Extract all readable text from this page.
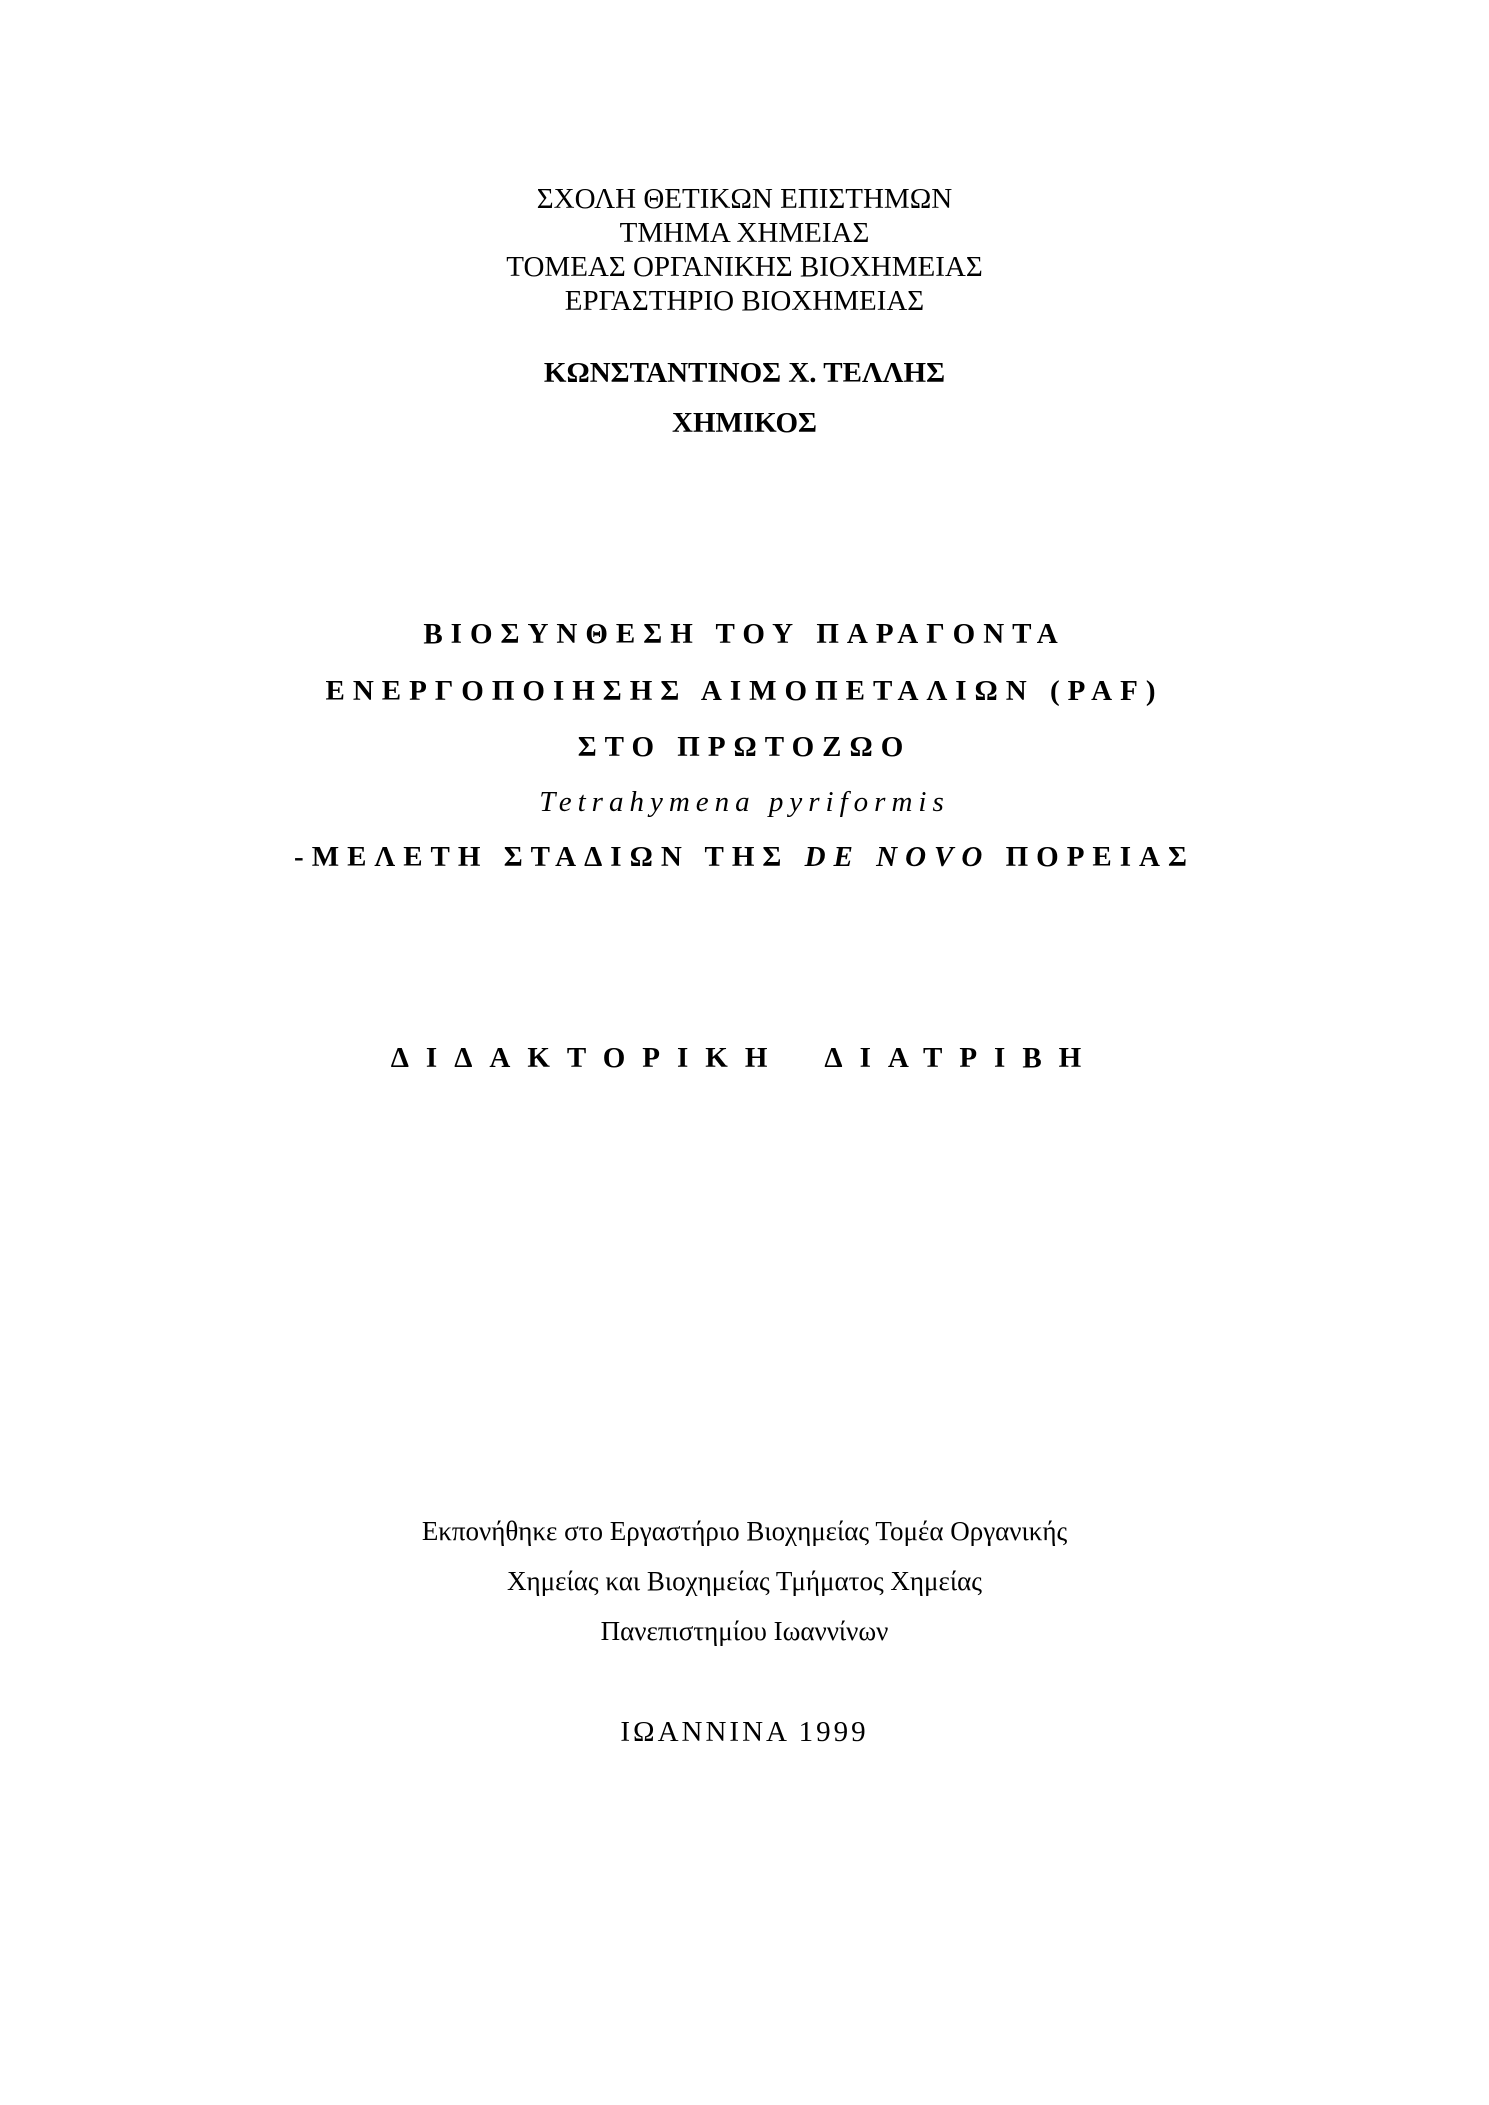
ΣΧΟΛΗ ΘΕΤΙΚΩΝ ΕΠΙΣΤΗΜΩΝ
ΤΜΗΜΑ ΧΗΜΕΙΑΣ
ΤΟΜΕΑΣ ΟΡΓΑΝΙΚΗΣ ΒΙΟΧΗΜΕΙΑΣ
ΕΡΓΑΣΤΗΡΙΟ ΒΙΟΧΗΜΕΙΑΣ
ΚΩΝΣΤΑΝΤΙΝΟΣ Χ. ΤΕΛΛΗΣ
ΧΗΜΙΚΟΣ
ΒΙΟΣΥΝΘΕΣΗ ΤΟΥ ΠΑΡΑΓΟΝΤΑ
ΕΝΕΡΓΟΠΟΙΗΣΗΣ ΑΙΜΟΠΕΤΑΛΙΩΝ (PAF)
ΣΤΟ ΠΡΩΤΟΖΩΟ
Tetrahymena pyriformis
-ΜΕΛΕΤΗ ΣΤΑΔΙΩΝ ΤΗΣ DE NOVO ΠΟΡΕΙΑΣ
ΔΙΔΑΚΤΟΡΙΚΗ ΔΙΑΤΡΙΒΗ
Εκπονήθηκε στο Εργαστήριο Βιοχημείας Τομέα Οργανικής
Χημείας και Βιοχημείας Τμήματος Χημείας
Πανεπιστημίου Ιωαννίνων
ΙΩΑΝΝΙΝΑ 1999
